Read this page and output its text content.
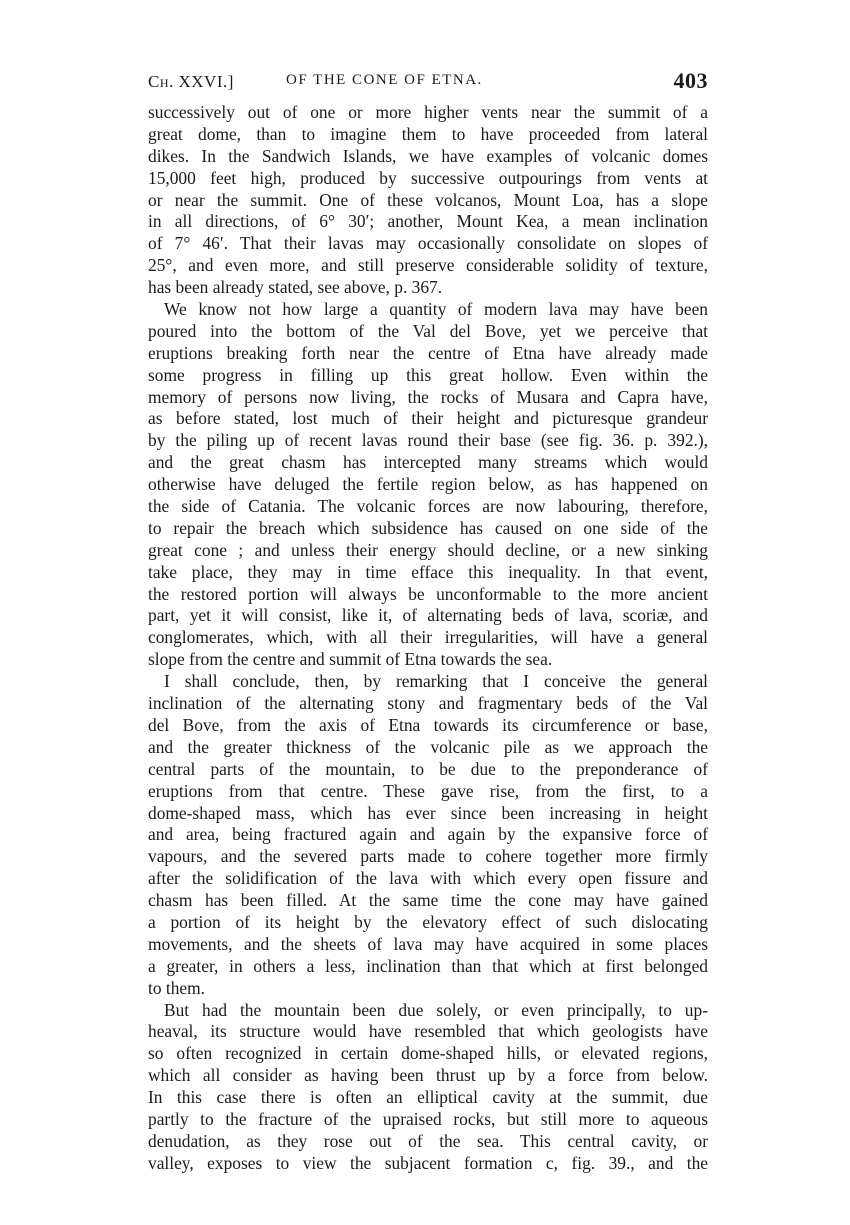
Ch. XXVI.]	OF THE CONE OF ETNA.	403
successively out of one or more higher vents near the summit of a
great dome, than to imagine them to have proceeded from lateral
dikes. In the Sandwich Islands, we have examples of volcanic domes
15,000 feet high, produced by successive outpourings from vents at
or near the summit. One of these volcanos, Mount Loa, has a slope
in all directions, of 6° 30′; another, Mount Kea, a mean inclination
of 7° 46′. That their lavas may occasionally consolidate on slopes of
25°, and even more, and still preserve considerable solidity of texture,
has been already stated, see above, p. 367.
We know not how large a quantity of modern lava may have been
poured into the bottom of the Val del Bove, yet we perceive that
eruptions breaking forth near the centre of Etna have already made
some progress in filling up this great hollow. Even within the
memory of persons now living, the rocks of Musara and Capra have,
as before stated, lost much of their height and picturesque grandeur
by the piling up of recent lavas round their base (see fig. 36. p. 392.),
and the great chasm has intercepted many streams which would
otherwise have deluged the fertile region below, as has happened on
the side of Catania. The volcanic forces are now labouring, therefore,
to repair the breach which subsidence has caused on one side of the
great cone ; and unless their energy should decline, or a new sinking
take place, they may in time efface this inequality. In that event,
the restored portion will always be unconformable to the more ancient
part, yet it will consist, like it, of alternating beds of lava, scoriæ, and
conglomerates, which, with all their irregularities, will have a general
slope from the centre and summit of Etna towards the sea.
I shall conclude, then, by remarking that I conceive the general
inclination of the alternating stony and fragmentary beds of the Val
del Bove, from the axis of Etna towards its circumference or base,
and the greater thickness of the volcanic pile as we approach the
central parts of the mountain, to be due to the preponderance of
eruptions from that centre. These gave rise, from the first, to a
dome-shaped mass, which has ever since been increasing in height
and area, being fractured again and again by the expansive force of
vapours, and the severed parts made to cohere together more firmly
after the solidification of the lava with which every open fissure and
chasm has been filled. At the same time the cone may have gained
a portion of its height by the elevatory effect of such dislocating
movements, and the sheets of lava may have acquired in some places
a greater, in others a less, inclination than that which at first belonged
to them.
But had the mountain been due solely, or even principally, to up-
heaval, its structure would have resembled that which geologists have
so often recognized in certain dome-shaped hills, or elevated regions,
which all consider as having been thrust up by a force from below.
In this case there is often an elliptical cavity at the summit, due
partly to the fracture of the upraised rocks, but still more to aqueous
denudation, as they rose out of the sea. This central cavity, or
valley, exposes to view the subjacent formation c, fig. 39., and the
